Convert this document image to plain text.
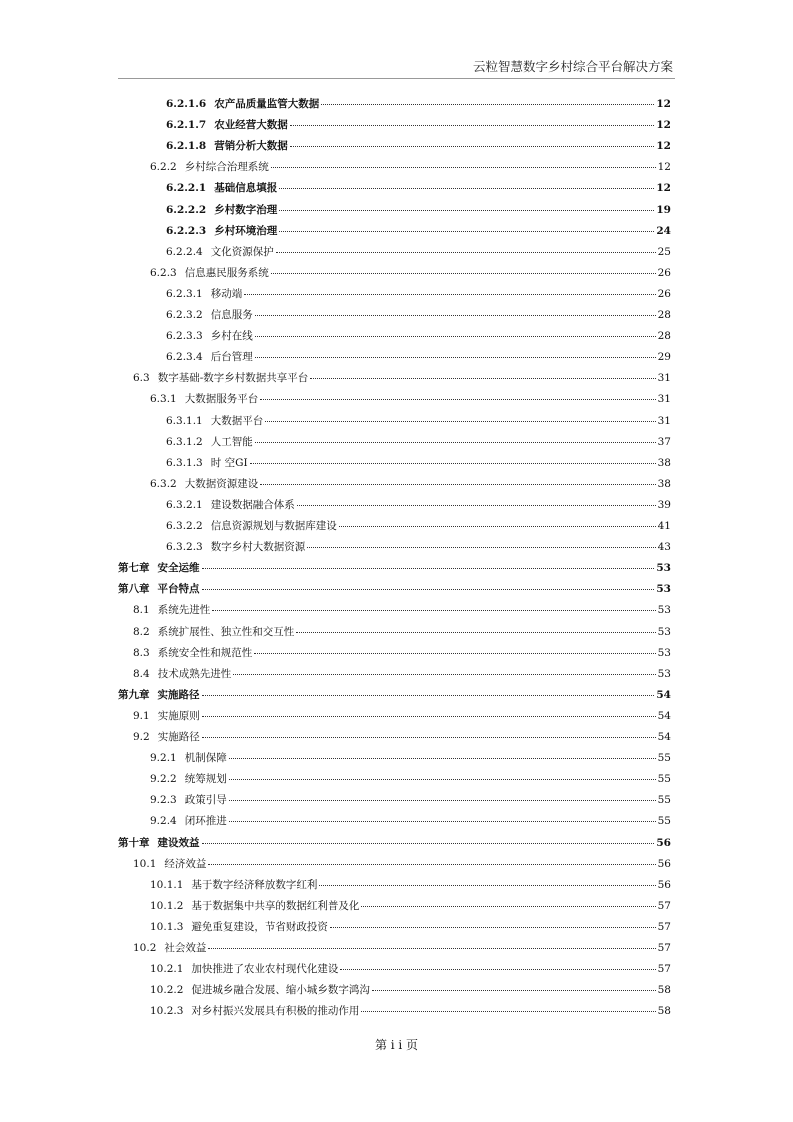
云粒智慧数字乡村综合平台解决方案
6.2.1.6 农产品质量监管大数据	12
6.2.1.7 农业经营大数据	12
6.2.1.8 营销分析大数据	12
6.2.2 乡村综合治理系统	12
6.2.2.1 基础信息填报	12
6.2.2.2 乡村数字治理	19
6.2.2.3 乡村环境治理	24
6.2.2.4 文化资源保护	25
6.2.3 信息惠民服务系统	26
6.2.3.1 移动端	26
6.2.3.2 信息服务	28
6.2.3.3 乡村在线	28
6.2.3.4 后台管理	29
6.3 数字基础-数字乡村数据共享平台	31
6.3.1 大数据服务平台	31
6.3.1.1 大数据平台	31
6.3.1.2 人工智能	37
6.3.1.3 时 空GI	38
6.3.2 大数据资源建设	38
6.3.2.1 建设数据融合体系	39
6.3.2.2 信息资源规划与数据库建设	41
6.3.2.3 数字乡村大数据资源	43
第七章 安全运维	53
第八章 平台特点	53
8.1 系统先进性	53
8.2 系统扩展性、独立性和交互性	53
8.3 系统安全性和规范性	53
8.4 技术成熟先进性	53
第九章 实施路径	54
9.1 实施原则	54
9.2 实施路径	54
9.2.1 机制保障	55
9.2.2 统筹规划	55
9.2.3 政策引导	55
9.2.4 闭环推进	55
第十章 建设效益	56
10.1 经济效益	56
10.1.1 基于数字经济释放数字红利	56
10.1.2 基于数据集中共享的数据红利普及化	57
10.1.3 避免重复建设，节省财政投资	57
10.2 社会效益	57
10.2.1 加快推进了农业农村现代化建设	57
10.2.2 促进城乡融合发展、缩小城乡数字鸿沟	58
10.2.3 对乡村振兴发展具有积极的推动作用	58
第 i i 页
